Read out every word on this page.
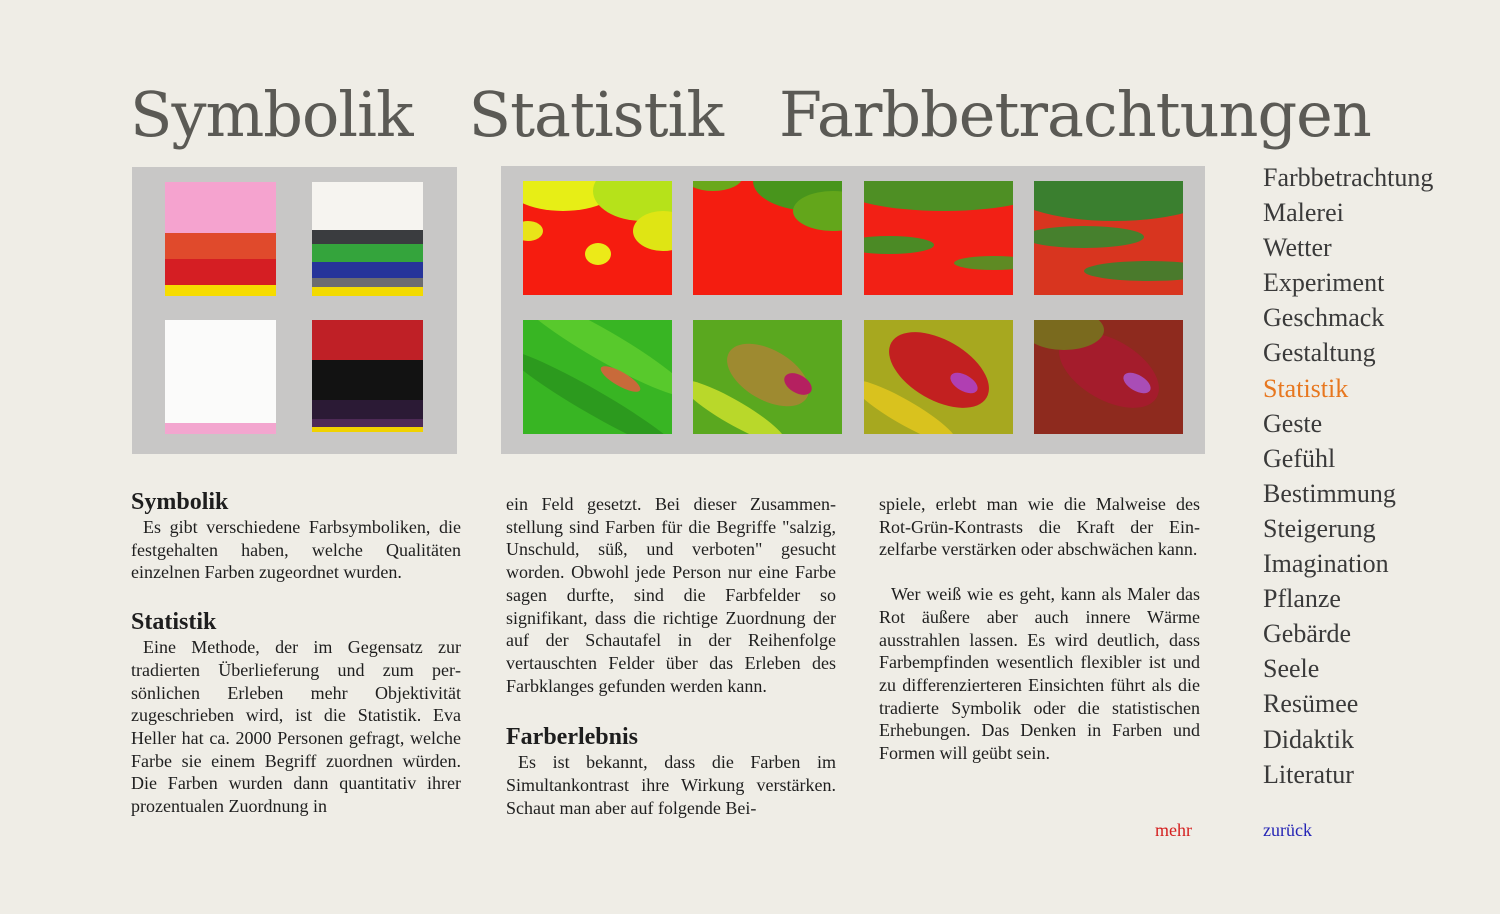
Symbolik   Statistik   Farbbetrachtungen
Symbolik

Es gibt verschiedene Farbsymboliken, die festgehalten haben, welche Qualitäten einzelnen Farben zugeordnet wurden.

Statistik

Eine Methode, der im Gegensatz zur tradierten Überlieferung und zum persönlichen Erleben mehr Objektivität zugeschrieben wird, ist die Statistik. Eva Heller hat ca. 2000 Personen gefragt, welche Farbe sie einem Begriff zuordnen würden. Die Farben wurden dann quantitativ ihrer prozentualen Zuordnung in

ein Feld gesetzt. Bei dieser Zusammenstellung sind Farben für die Begriffe "salzig, Unschuld, süß, und verboten" gesucht worden. Obwohl jede Person nur eine Farbe sagen durfte, sind die Farbfelder so signifikant, dass die richtige Zuordnung der auf der Schautafel in der Reihenfolge vertauschten Felder über das Erleben des Farbklanges gefunden werden kann.

Farberlebnis

Es ist bekannt, dass die Farben im Simultankontrast ihre Wirkung verstärken. Schaut man aber auf folgende Bei-

spiele, erlebt man wie die Malweise des Rot-Grün-Kontrasts die Kraft der Einzelfarbe verstärken oder abschwächen kann.

Wer weiß wie es geht, kann als Maler das Rot äußere aber auch innere Wärme ausstrahlen lassen. Es wird deutlich, dass Farbempfinden wesentlich flexibler ist und zu differenzierteren Einsichten führt als die tradierte Symbolik oder die statistischen Erhebungen. Das Denken in Farben und Formen will geübt sein.

Farbbetrachtung
Malerei
Wetter
Experiment
Geschmack
Gestaltung
Statistik
Geste
Gefühl
Bestimmung
Steigerung
Imagination
Pflanze
Gebärde
Seele
Resümee
Didaktik
Literatur
mehr	zurück
